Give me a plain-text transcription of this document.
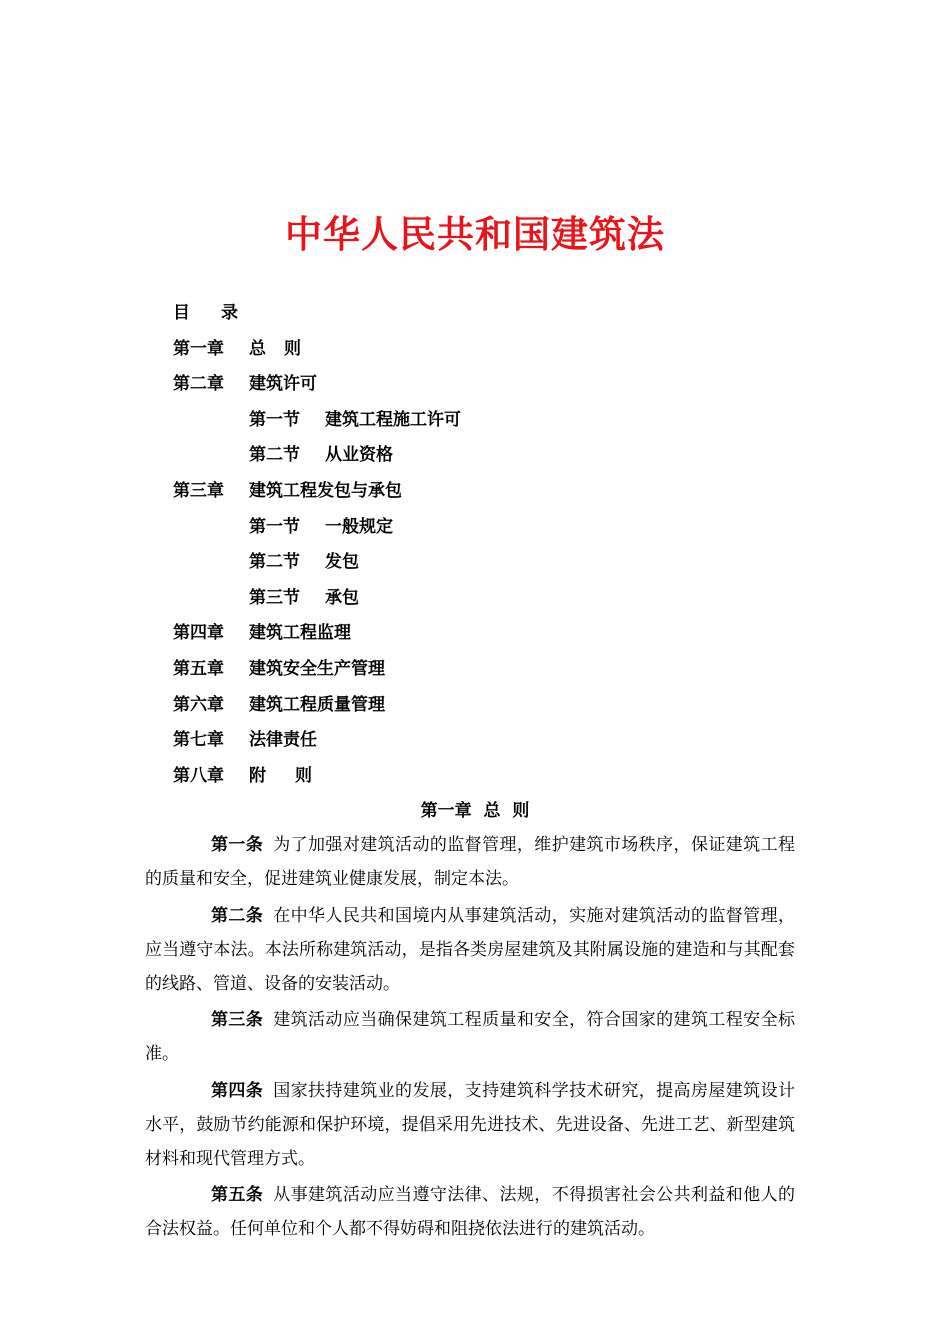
中华人民共和国建筑法
目录
第一章 总则
第二章 建筑许可
第一节 建筑工程施工许可
第二节 从业资格
第三章 建筑工程发包与承包
第一节 一般规定
第二节 发包
第三节 承包
第四章 建筑工程监理
第五章 建筑安全生产管理
第六章 建筑工程质量管理
第七章 法律责任
第八章 附则
第一章 总 则

第一条 为了加强对建筑活动的监督管理，维护建筑市场秩序，保证建筑工程的质量和安全，促进建筑业健康发展，制定本法。

第二条 在中华人民共和国境内从事建筑活动，实施对建筑活动的监督管理，应当遵守本法。本法所称建筑活动，是指各类房屋建筑及其附属设施的建造和与其配套的线路、管道、设备的安装活动。

第三条 建筑活动应当确保建筑工程质量和安全，符合国家的建筑工程安全标准。

第四条 国家扶持建筑业的发展，支持建筑科学技术研究，提高房屋建筑设计水平，鼓励节约能源和保护环境，提倡采用先进技术、先进设备、先进工艺、新型建筑材料和现代管理方式。

第五条 从事建筑活动应当遵守法律、法规，不得损害社会公共利益和他人的合法权益。任何单位和个人都不得妨碍和阻挠依法进行的建筑活动。
